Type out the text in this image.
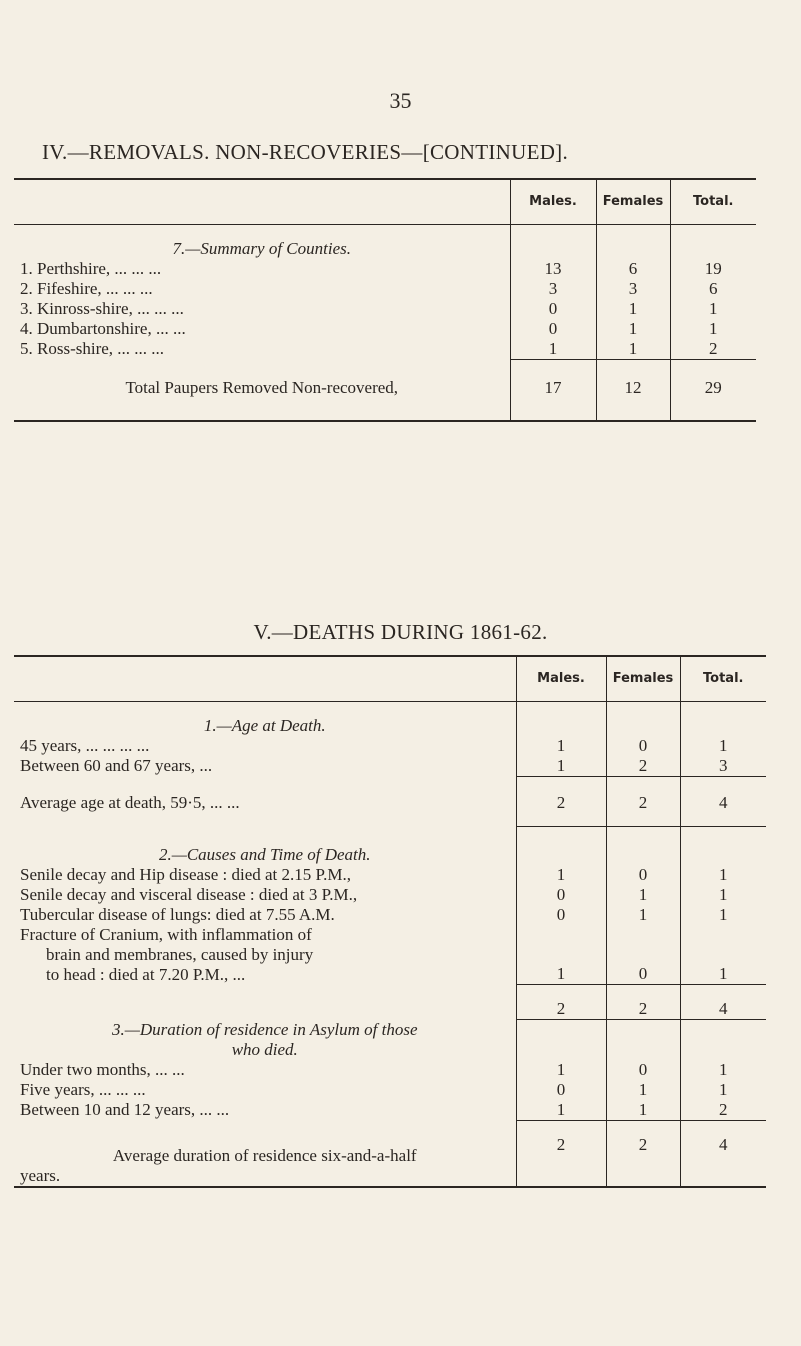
35
IV.—REMOVALS. NON-RECOVERIES—[CONTINUED].
	Males.	Females	Total.
7.—Summary of Counties.			
1. Perthshire, ... ... ...	13	6	19
2. Fifeshire, ... ... ...	3	3	6
3. Kinross-shire, ... ... ...	0	1	1
4. Dumbartonshire, ... ...	0	1	1
5. Ross-shire, ... ... ...	1	1	2
Total Paupers Removed Non-recovered,	17	12	29
V.—DEATHS DURING 1861-62.
	Males.	Females	Total.
1.—Age at Death.			
45 years, ... ... ... ...	1	0	1
Between 60 and 67 years, ...	1	2	3
Average age at death, 59·5, ... ...	2	2	4
2.—Causes and Time of Death.			
Senile decay and Hip disease : died at 2.15 P.M.,	1	0	1
Senile decay and visceral disease : died at 3 P.M.,	0	1	1
Tubercular disease of lungs: died at 7.55 A.M.	0	1	1

Fracture of Cranium, with inflammation of
brain and membranes, caused by injury
to head : died at 7.20 P.M., ...	1	0	1
	2	2	4

3.—Duration of residence in Asylum of those
who died.			

Under two months, ... ...	1	0	1
Five years, ... ... ...	0	1	1
Between 10 and 12 years, ... ...	1	1	2

Average duration of residence six-and-a-half
years.	2	2	4
